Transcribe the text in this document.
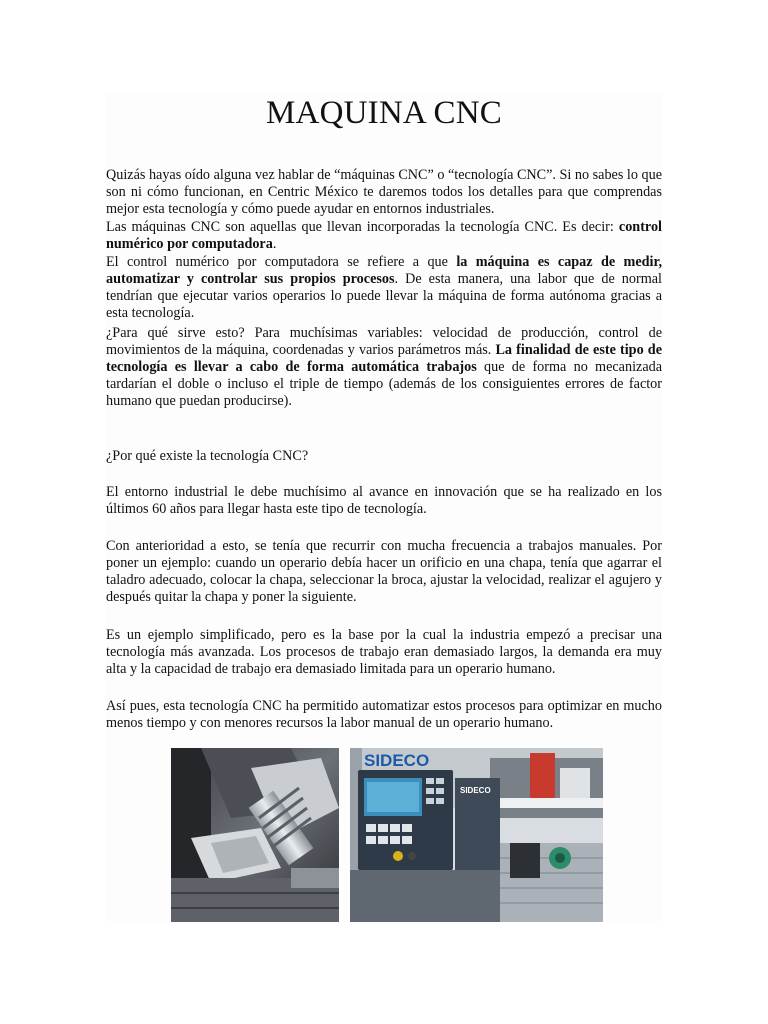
MAQUINA CNC

Quizás hayas oído alguna vez hablar de “máquinas CNC” o “tecnología CNC”. Si no sabes lo que son ni cómo funcionan, en Centric México te daremos todos los detalles para que comprendas mejor esta tecnología y cómo puede ayudar en entornos industriales.

Las máquinas CNC son aquellas que llevan incorporadas la tecnología CNC. Es decir: control numérico por computadora.

El control numérico por computadora se refiere a que la máquina es capaz de medir, automatizar y controlar sus propios procesos. De esta manera, una labor que de normal tendrían que ejecutar varios operarios lo puede llevar la máquina de forma autónoma gracias a esta tecnología.

¿Para qué sirve esto? Para muchísimas variables: velocidad de producción, control de movimientos de la máquina, coordenadas y varios parámetros más. La finalidad de este tipo de tecnología es llevar a cabo de forma automática trabajos que de forma no mecanizada tardarían el doble o incluso el triple de tiempo (además de los consiguientes errores de factor humano que puedan producirse).

¿Por qué existe la tecnología CNC?

El entorno industrial le debe muchísimo al avance en innovación que se ha realizado en los últimos 60 años para llegar hasta este tipo de tecnología.

Con anterioridad a esto, se tenía que recurrir con mucha frecuencia a trabajos manuales. Por poner un ejemplo: cuando un operario debía hacer un orificio en una chapa, tenía que agarrar el taladro adecuado, colocar la chapa, seleccionar la broca, ajustar la velocidad, realizar el agujero y después quitar la chapa y poner la siguiente.

Es un ejemplo simplificado, pero es la base por la cual la industria empezó a precisar una tecnología más avanzada. Los procesos de trabajo eran demasiado largos, la demanda era muy alta y la capacidad de trabajo era demasiado limitada para un operario humano.

Así pues, esta tecnología CNC ha permitido automatizar estos procesos para optimizar en mucho menos tiempo y con menores recursos la labor manual de un operario humano.

SIDECO
SIDECO
